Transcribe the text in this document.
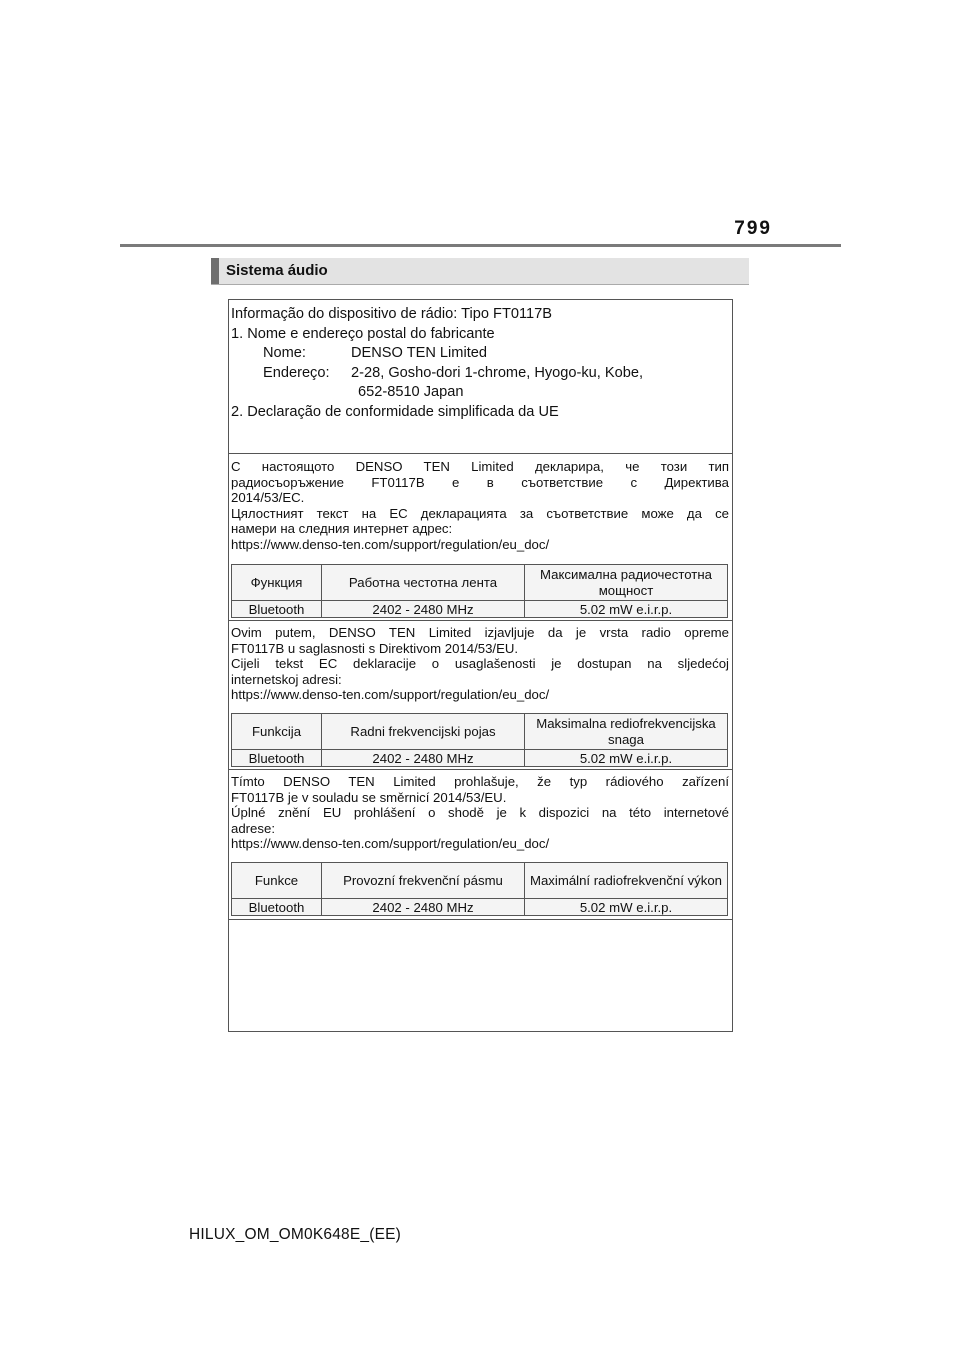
799
Sistema áudio
Informação do dispositivo de rádio: Tipo FT0117B
1. Nome e endereço postal do fabricante
Nome:	DENSO TEN Limited
Endereço: 2-28, Gosho-dori 1-chrome, Hyogo-ku, Kobe,
652-8510 Japan
2. Declaração de conformidade simplificada da UE
С настоящото DENSO TEN Limited декларира, че този тип
радиосъоръжение FT0117B е в съответствие с Директива
2014/53/ЕС.
Цялостният текст на ЕС декларацията за съответствие може да се
намери на следния интернет адрес:
https://www.denso-ten.com/support/regulation/eu_doc/
Функция	Работна честотна лента	Максимална радиочестотна мощност
Bluetooth	2402 - 2480 MHz	5.02 mW e.i.r.p.
Ovim putem, DENSO TEN Limited izjavljuje da je vrsta radio opreme
FT0117B u saglasnosti s Direktivom 2014/53/EU.
Cijeli tekst EC deklaracije o usaglašenosti je dostupan na sljedećoj
internetskoj adresi:
https://www.denso-ten.com/support/regulation/eu_doc/
Funkcija	Radni frekvencijski pojas	Maksimalna rediofrekvencijska snaga
Bluetooth	2402 - 2480 MHz	5.02 mW e.i.r.p.
Tímto DENSO TEN Limited prohlašuje, že typ rádiového zařízení
FT0117B je v souladu se směrnicí 2014/53/EU.
Úplné znění EU prohlášení o shodě je k dispozici na této internetové
adrese:
https://www.denso-ten.com/support/regulation/eu_doc/
Funkce	Provozní frekvenční pásmu	Maximální radiofrekvenční výkon
Bluetooth	2402 - 2480 MHz	5.02 mW e.i.r.p.
HILUX_OM_OM0K648E_(EE)
